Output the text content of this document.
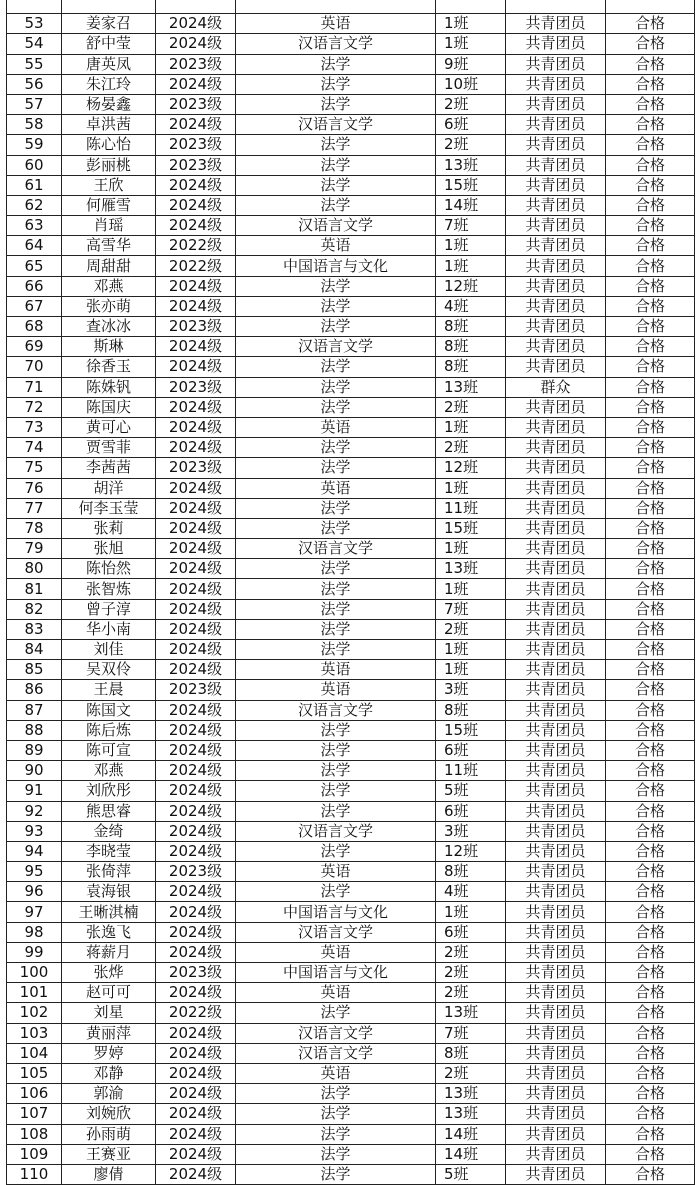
53	姜家召	2024级	英语	1班	共青团员	合格
54	舒中莹	2024级	汉语言文学	1班	共青团员	合格
55	唐英凤	2023级	法学	9班	共青团员	合格
56	朱江玲	2024级	法学	10班	共青团员	合格
57	杨晏鑫	2023级	法学	2班	共青团员	合格
58	卓洪茜	2024级	汉语言文学	6班	共青团员	合格
59	陈心怡	2023级	法学	2班	共青团员	合格
60	彭丽桃	2023级	法学	13班	共青团员	合格
61	王欣	2024级	法学	15班	共青团员	合格
62	何雁雪	2024级	法学	14班	共青团员	合格
63	肖瑶	2024级	汉语言文学	7班	共青团员	合格
64	高雪华	2022级	英语	1班	共青团员	合格
65	周甜甜	2022级	中国语言与文化	1班	共青团员	合格
66	邓燕	2024级	法学	12班	共青团员	合格
67	张亦萌	2024级	法学	4班	共青团员	合格
68	查冰冰	2023级	法学	8班	共青团员	合格
69	斯琳	2024级	汉语言文学	8班	共青团员	合格
70	徐香玉	2024级	法学	8班	共青团员	合格
71	陈姝钒	2023级	法学	13班	群众	合格
72	陈国庆	2024级	法学	2班	共青团员	合格
73	黄可心	2024级	英语	1班	共青团员	合格
74	贾雪菲	2024级	法学	2班	共青团员	合格
75	李茜茜	2023级	法学	12班	共青团员	合格
76	胡洋	2024级	英语	1班	共青团员	合格
77	何李玉莹	2024级	法学	11班	共青团员	合格
78	张莉	2024级	法学	15班	共青团员	合格
79	张旭	2024级	汉语言文学	1班	共青团员	合格
80	陈怡然	2024级	法学	13班	共青团员	合格
81	张智炼	2024级	法学	1班	共青团员	合格
82	曾子淳	2024级	法学	7班	共青团员	合格
83	华小南	2024级	法学	2班	共青团员	合格
84	刘佳	2024级	法学	1班	共青团员	合格
85	吴双伶	2024级	英语	1班	共青团员	合格
86	王晨	2023级	英语	3班	共青团员	合格
87	陈国文	2024级	汉语言文学	8班	共青团员	合格
88	陈后炼	2024级	法学	15班	共青团员	合格
89	陈可宣	2024级	法学	6班	共青团员	合格
90	邓燕	2024级	法学	11班	共青团员	合格
91	刘欣彤	2024级	法学	5班	共青团员	合格
92	熊思睿	2024级	法学	6班	共青团员	合格
93	金绮	2024级	汉语言文学	3班	共青团员	合格
94	李晓莹	2024级	法学	12班	共青团员	合格
95	张倚萍	2023级	英语	8班	共青团员	合格
96	袁海银	2024级	法学	4班	共青团员	合格
97	王晰淇楠	2024级	中国语言与文化	1班	共青团员	合格
98	张逸飞	2024级	汉语言文学	6班	共青团员	合格
99	蒋薪月	2024级	英语	2班	共青团员	合格
100	张烨	2023级	中国语言与文化	2班	共青团员	合格
101	赵可可	2024级	英语	2班	共青团员	合格
102	刘星	2022级	法学	13班	共青团员	合格
103	黄丽萍	2024级	汉语言文学	7班	共青团员	合格
104	罗婷	2024级	汉语言文学	8班	共青团员	合格
105	邓静	2024级	英语	2班	共青团员	合格
106	郭渝	2024级	法学	13班	共青团员	合格
107	刘婉欣	2024级	法学	13班	共青团员	合格
108	孙雨萌	2024级	法学	14班	共青团员	合格
109	王赛亚	2024级	法学	14班	共青团员	合格
110	廖倩	2024级	法学	5班	共青团员	合格
